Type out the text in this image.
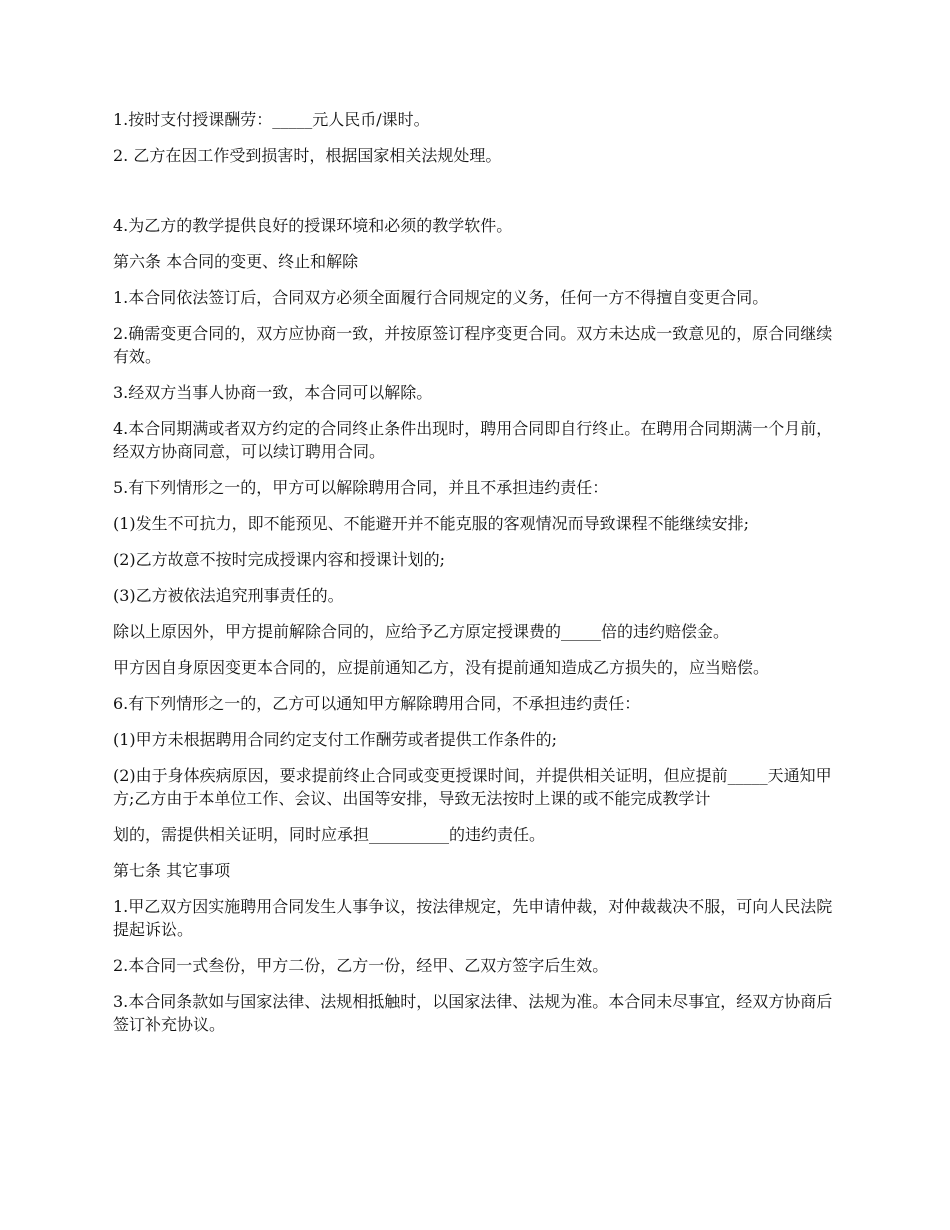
1.按时支付授课酬劳：_____元人民币/课时。

2. 乙方在因工作受到损害时，根据国家相关法规处理。

4.为乙方的教学提供良好的授课环境和必须的教学软件。

第六条 本合同的变更、终止和解除

1.本合同依法签订后，合同双方必须全面履行合同规定的义务，任何一方不得擅自变更合同。

2.确需变更合同的，双方应协商一致，并按原签订程序变更合同。双方未达成一致意见的，原合同继续有效。

3.经双方当事人协商一致，本合同可以解除。

4.本合同期满或者双方约定的合同终止条件出现时，聘用合同即自行终止。在聘用合同期满一个月前，经双方协商同意，可以续订聘用合同。

5.有下列情形之一的，甲方可以解除聘用合同，并且不承担违约责任：

(1)发生不可抗力，即不能预见、不能避开并不能克服的客观情况而导致课程不能继续安排;

(2)乙方故意不按时完成授课内容和授课计划的;

(3)乙方被依法追究刑事责任的。

除以上原因外，甲方提前解除合同的，应给予乙方原定授课费的_____倍的违约赔偿金。

甲方因自身原因变更本合同的，应提前通知乙方，没有提前通知造成乙方损失的，应当赔偿。

6.有下列情形之一的，乙方可以通知甲方解除聘用合同，不承担违约责任：

(1)甲方未根据聘用合同约定支付工作酬劳或者提供工作条件的;

(2)由于身体疾病原因，要求提前终止合同或变更授课时间，并提供相关证明，但应提前_____天通知甲方;乙方由于本单位工作、会议、出国等安排，导致无法按时上课的或不能完成教学计

划的，需提供相关证明，同时应承担__________的违约责任。

第七条 其它事项

1.甲乙双方因实施聘用合同发生人事争议，按法律规定，先申请仲裁，对仲裁裁决不服，可向人民法院提起诉讼。

2.本合同一式叁份，甲方二份，乙方一份，经甲、乙双方签字后生效。

3.本合同条款如与国家法律、法规相抵触时，以国家法律、法规为准。本合同未尽事宜，经双方协商后签订补充协议。
